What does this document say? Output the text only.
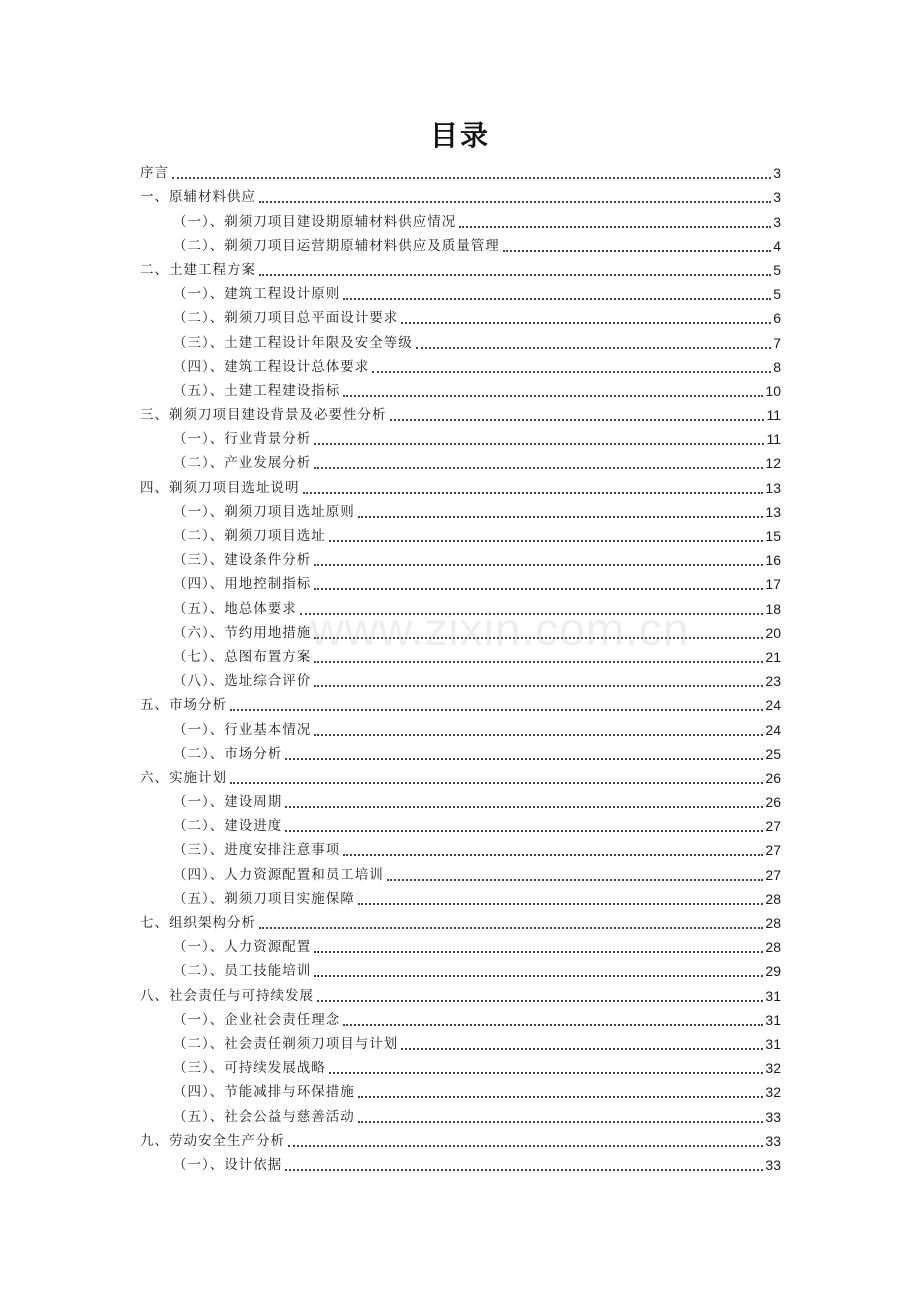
目录
序言	3
一、原辅材料供应	3
（一）、剃须刀项目建设期原辅材料供应情况	3
（二）、剃须刀项目运营期原辅材料供应及质量管理	4
二、土建工程方案	5
（一）、建筑工程设计原则	5
（二）、剃须刀项目总平面设计要求	6
（三）、土建工程设计年限及安全等级	7
（四）、建筑工程设计总体要求	8
（五）、土建工程建设指标	10
三、剃须刀项目建设背景及必要性分析	11
（一）、行业背景分析	11
（二）、产业发展分析	12
四、剃须刀项目选址说明	13
（一）、剃须刀项目选址原则	13
（二）、剃须刀项目选址	15
（三）、建设条件分析	16
（四）、用地控制指标	17
（五）、地总体要求	18
（六）、节约用地措施	20
（七）、总图布置方案	21
（八）、选址综合评价	23
五、市场分析	24
（一）、行业基本情况	24
（二）、市场分析	25
六、实施计划	26
（一）、建设周期	26
（二）、建设进度	27
（三）、进度安排注意事项	27
（四）、人力资源配置和员工培训	27
（五）、剃须刀项目实施保障	28
七、组织架构分析	28
（一）、人力资源配置	28
（二）、员工技能培训	29
八、社会责任与可持续发展	31
（一）、企业社会责任理念	31
（二）、社会责任剃须刀项目与计划	31
（三）、可持续发展战略	32
（四）、节能减排与环保措施	32
（五）、社会公益与慈善活动	33
九、劳动安全生产分析	33
（一）、设计依据	33
www.zixin.com.cn
